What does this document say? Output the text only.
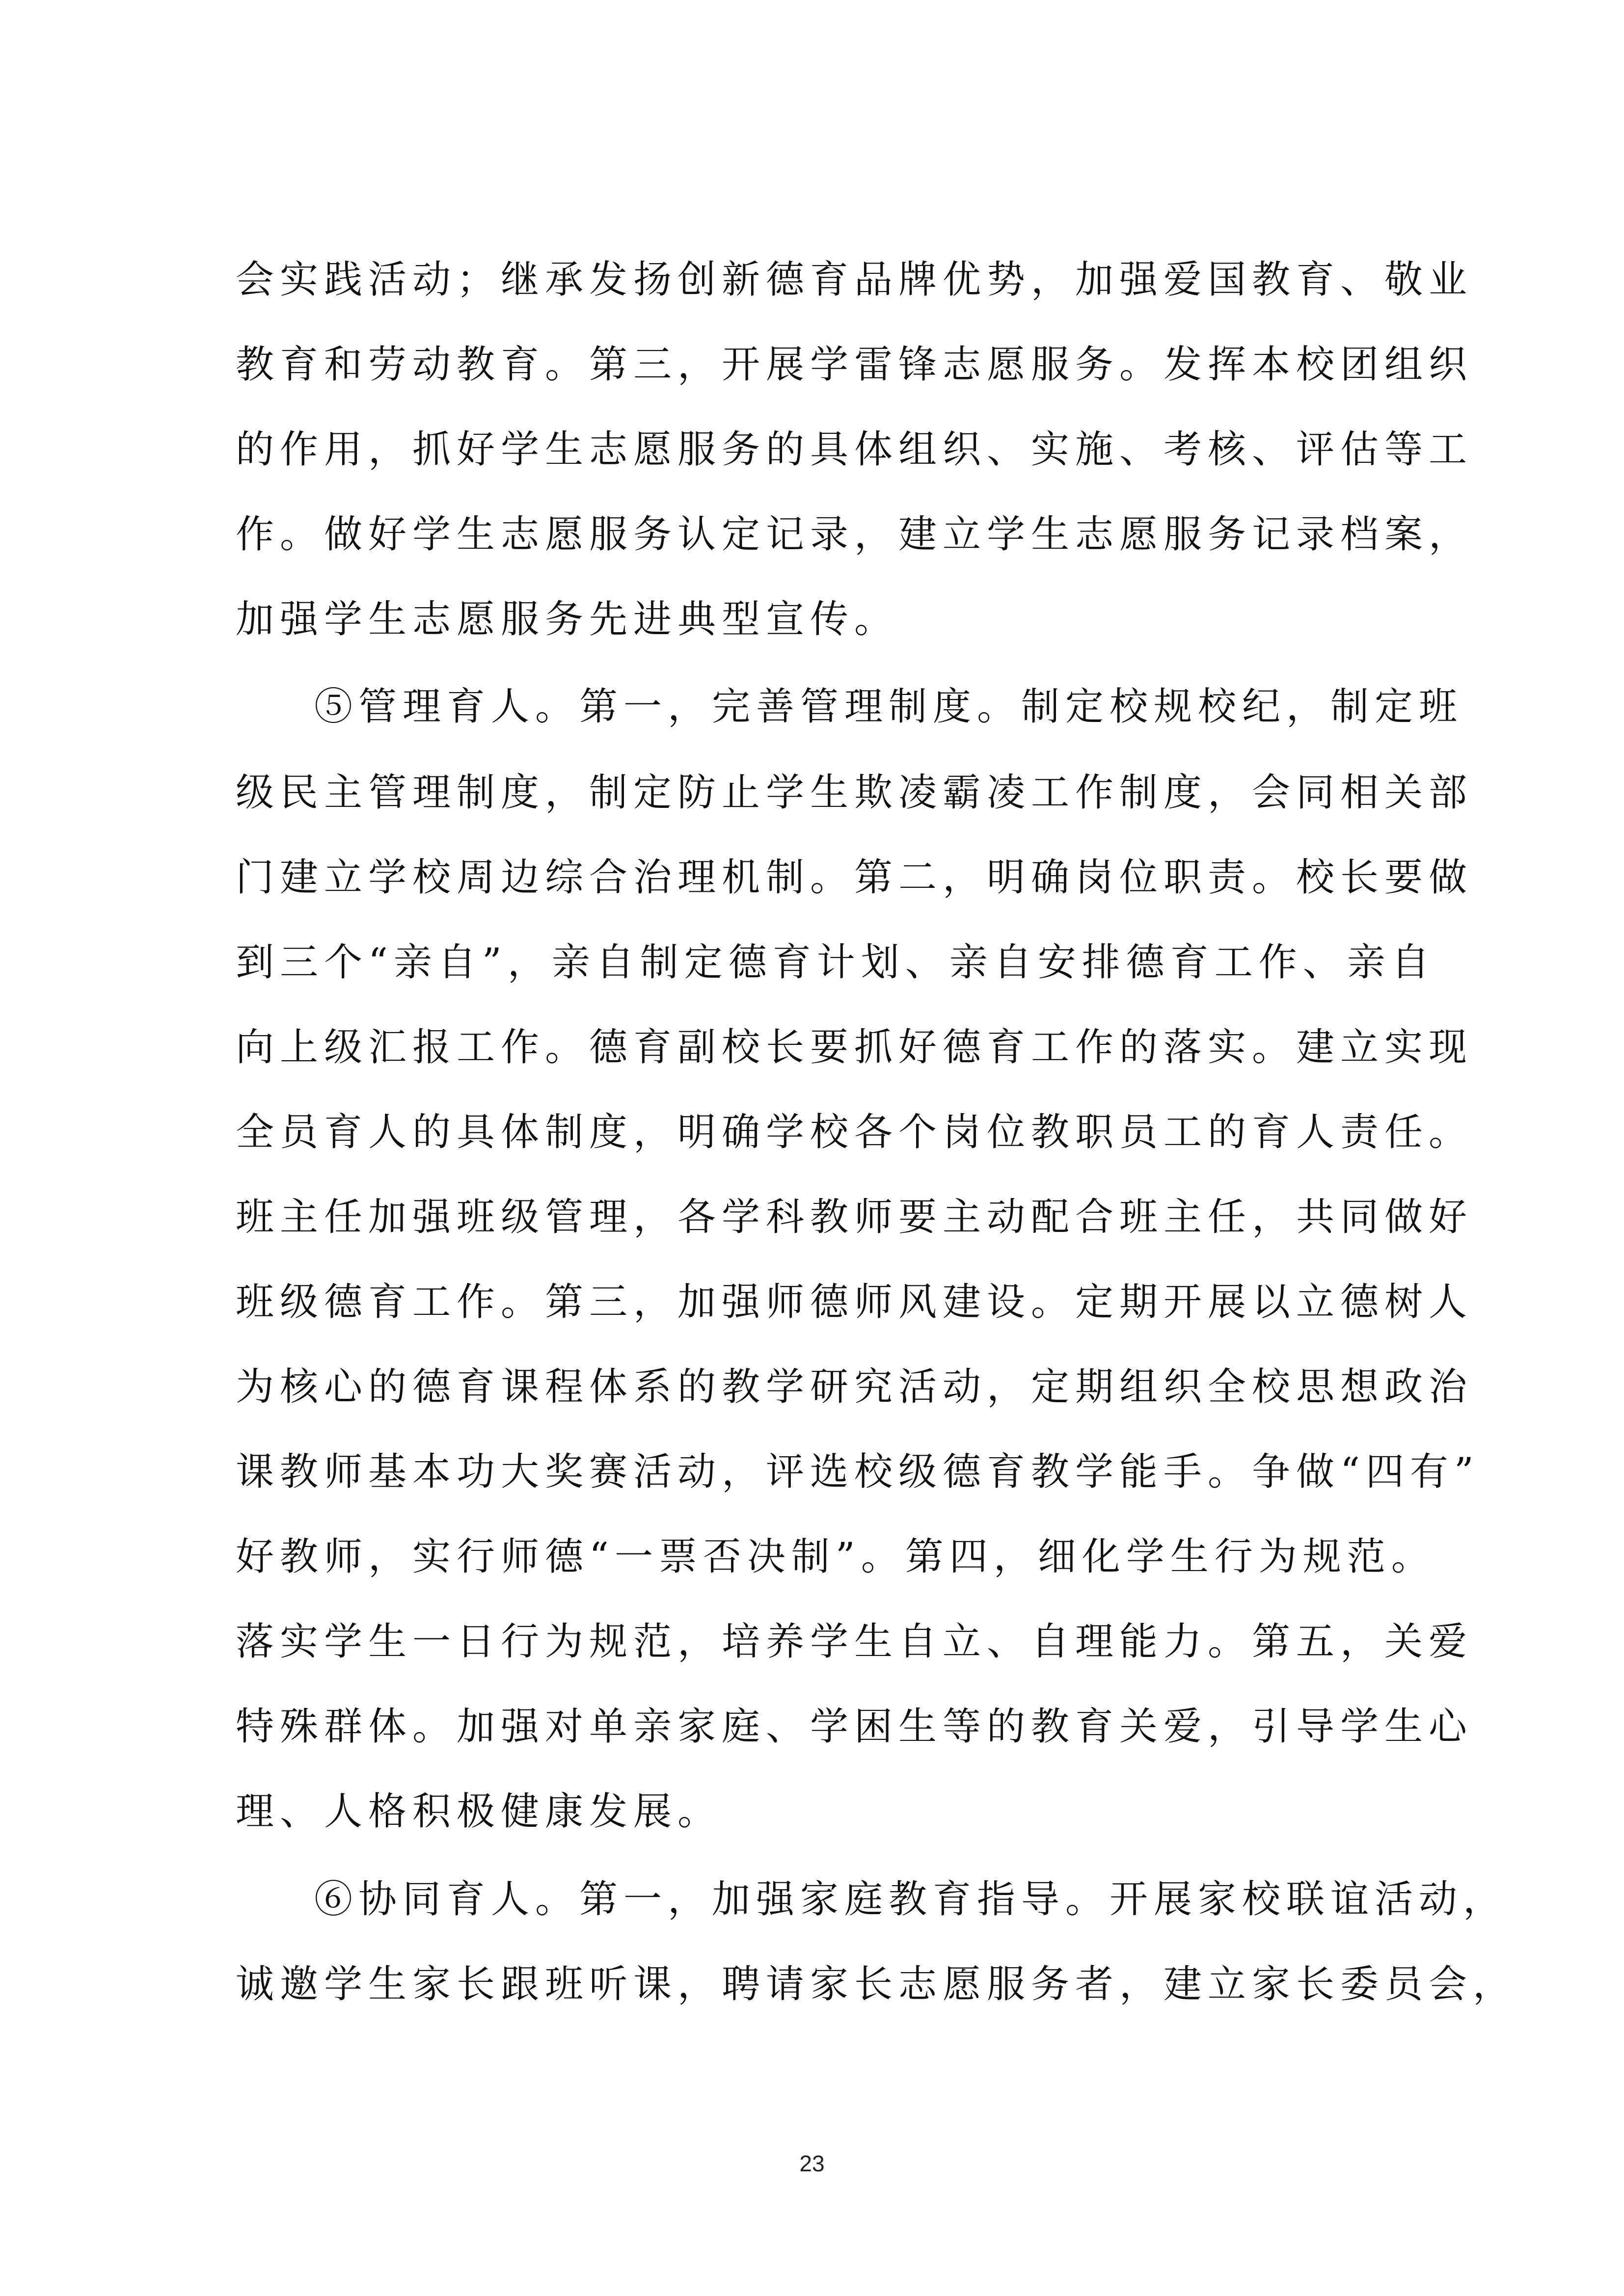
会实践活动；继承发扬创新德育品牌优势，加强爱国教育、敬业
教育和劳动教育。第三，开展学雷锋志愿服务。发挥本校团组织
的作用，抓好学生志愿服务的具体组织、实施、考核、评估等工
作。做好学生志愿服务认定记录，建立学生志愿服务记录档案，
加强学生志愿服务先进典型宣传。
⑤管理育人。第一，完善管理制度。制定校规校纪，制定班
级民主管理制度，制定防止学生欺凌霸凌工作制度，会同相关部
门建立学校周边综合治理机制。第二，明确岗位职责。校长要做
到三个“亲自”，亲自制定德育计划、亲自安排德育工作、亲自
向上级汇报工作。德育副校长要抓好德育工作的落实。建立实现
全员育人的具体制度，明确学校各个岗位教职员工的育人责任。
班主任加强班级管理，各学科教师要主动配合班主任，共同做好
班级德育工作。第三，加强师德师风建设。定期开展以立德树人
为核心的德育课程体系的教学研究活动，定期组织全校思想政治
课教师基本功大奖赛活动，评选校级德育教学能手。争做“四有”
好教师，实行师德“一票否决制”。第四，细化学生行为规范。
落实学生一日行为规范，培养学生自立、自理能力。第五，关爱
特殊群体。加强对单亲家庭、学困生等的教育关爱，引导学生心
理、人格积极健康发展。
⑥协同育人。第一，加强家庭教育指导。开展家校联谊活动，
诚邀学生家长跟班听课，聘请家长志愿服务者，建立家长委员会，
23
